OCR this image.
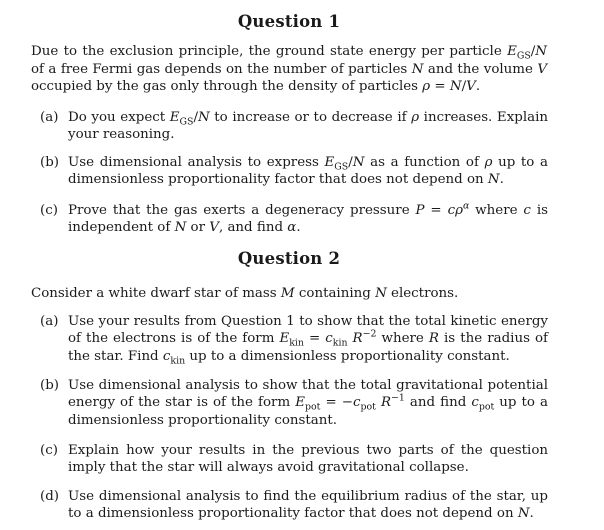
Question 1
Due to the exclusion principle, the ground state energy per particle $E_{GS}/N$ of a free Fermi gas depends on the number of particles N and the volume V occupied by the gas only through the density of particles ρ = N/V.
(a) Do you expect $E_{GS}/N$ to increase or to decrease if ρ increases. Explain your reasoning.
(b) Use dimensional analysis to express $E_{GS}/N$ as a function of ρ up to a dimensionless proportionality factor that does not depend on N.
(c) Prove that the gas exerts a degeneracy pressure $P = c\rho^\alpha$ where c is independent of N or V, and find α.
Question 2
Consider a white dwarf star of mass M containing N electrons.
(a) Use your results from Question 1 to show that the total kinetic energy of the electrons is of the form $E_{kin} = c_{kin}$ $R^{-2}$ where R is the radius of the star. Find $c_{kin}$ up to a dimensionless proportionality constant.
(b) Use dimensional analysis to show that the total gravitational potential energy of the star is of the form $E_{pot} = -c_{pot}$ $R^{-1}$ and find $c_{pot}$ up to a dimensionless proportionality constant.
(c) Explain how your results in the previous two parts of the question imply that the star will always avoid gravitational collapse.
(d) Use dimensional analysis to find the equilibrium radius of the star, up to a dimensionless proportionality factor that does not depend on N.
